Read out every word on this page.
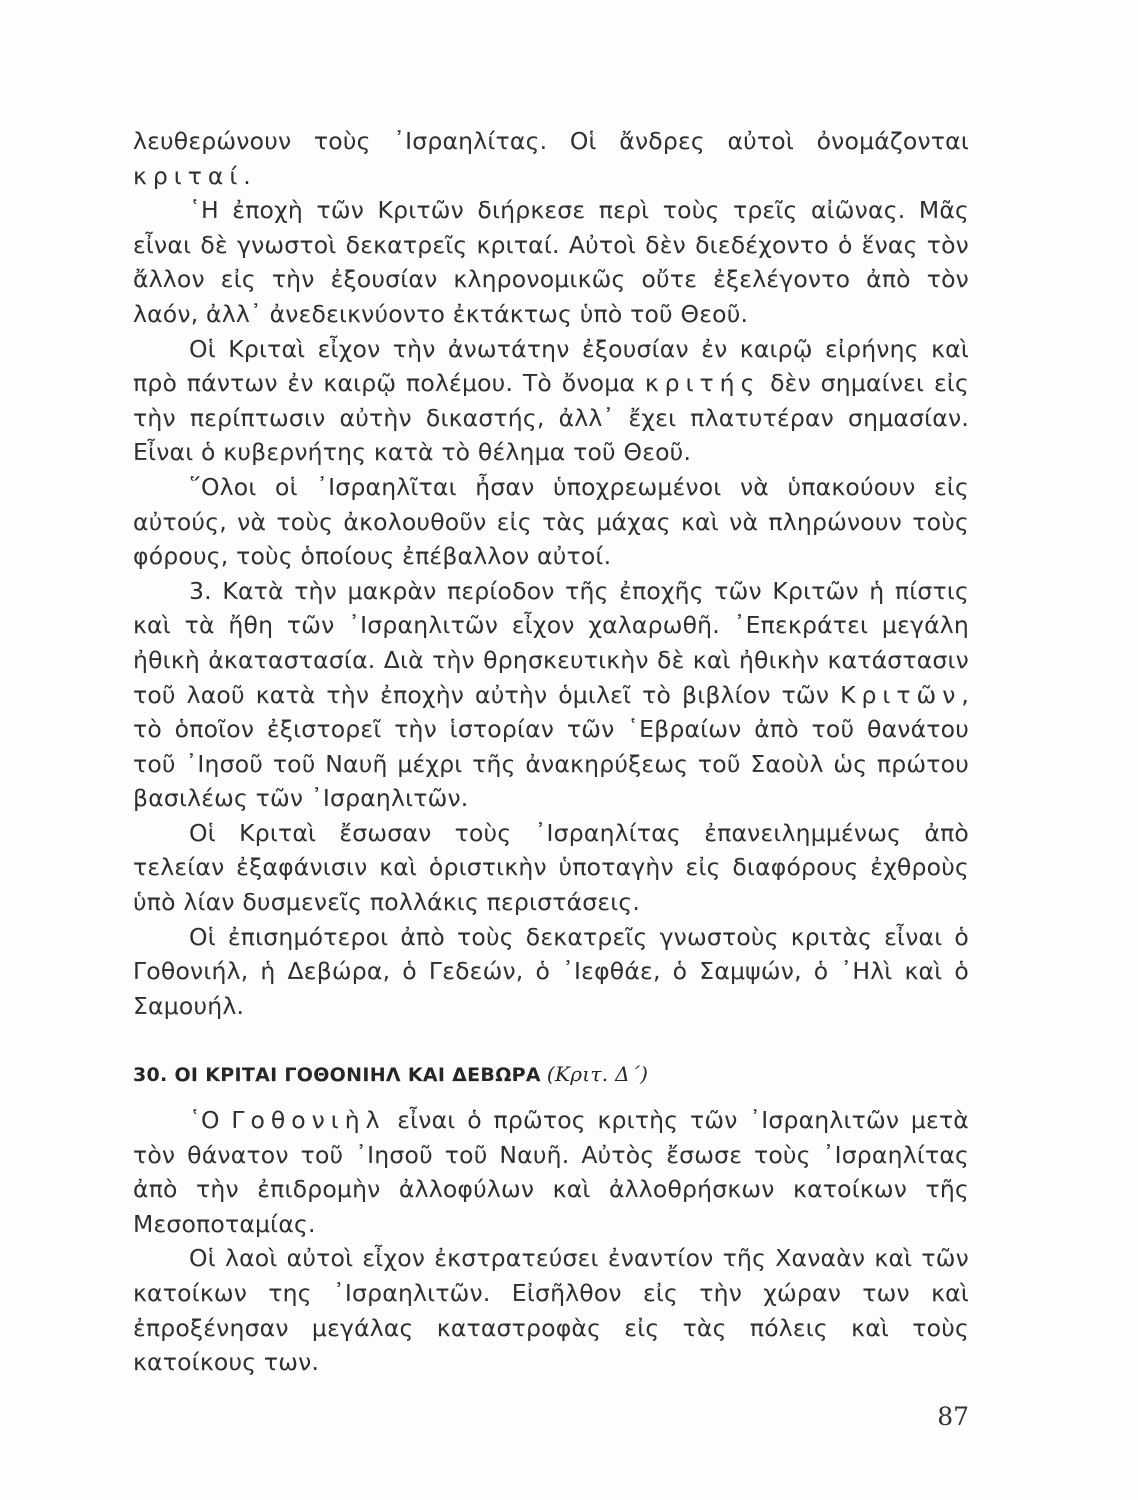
λευθερώνουν τοὺς ᾿Ισραηλίτας. Οἱ ἄνδρες αὐτοὶ ὀνομάζονται κριταί.

῾Η ἐποχὴ τῶν Κριτῶν διήρκεσε περὶ τοὺς τρεῖς αἰῶνας. Μᾶς εἶναι δὲ γνωστοὶ δεκατρεῖς κριταί. Αὐτοὶ δὲν διεδέχοντο ὁ ἕνας τὸν ἄλλον εἰς τὴν ἐξουσίαν κληρονομικῶς οὔτε ἐξελέγοντο ἀπὸ τὸν λαόν, ἀλλ᾿ ἀνεδεικνύοντο ἐκτάκτως ὑπὸ τοῦ Θεοῦ.

Οἱ Κριταὶ εἶχον τὴν ἀνωτάτην ἐξουσίαν ἐν καιρῷ εἰρήνης καὶ πρὸ πάντων ἐν καιρῷ πολέμου. Τὸ ὄνομα κριτής δὲν σημαίνει εἰς τὴν περίπτωσιν αὐτὴν δικαστής, ἀλλ᾿ ἔχει πλατυτέραν σημασίαν. Εἶναι ὁ κυβερνήτης κατὰ τὸ θέλημα τοῦ Θεοῦ.

῞Ολοι οἱ ᾿Ισραηλῖται ἦσαν ὑποχρεωμένοι νὰ ὑπακούουν εἰς αὐτούς, νὰ τοὺς ἀκολουθοῦν εἰς τὰς μάχας καὶ νὰ πληρώνουν τοὺς φόρους, τοὺς ὁποίους ἐπέβαλλον αὐτοί.

3. Κατὰ τὴν μακρὰν περίοδον τῆς ἐποχῆς τῶν Κριτῶν ἡ πίστις καὶ τὰ ἤθη τῶν ᾿Ισραηλιτῶν εἶχον χαλαρωθῆ. ᾿Επεκράτει μεγάλη ἠθικὴ ἀκαταστασία. Διὰ τὴν θρησκευτικὴν δὲ καὶ ἠθικὴν κατάστασιν τοῦ λαοῦ κατὰ τὴν ἐποχὴν αὐτὴν ὁμιλεῖ τὸ βιβλίον τῶν Κριτῶν, τὸ ὁποῖον ἐξιστορεῖ τὴν ἱστορίαν τῶν ῾Εβραίων ἀπὸ τοῦ θανάτου τοῦ ᾿Ιησοῦ τοῦ Ναυῆ μέχρι τῆς ἀνακηρύξεως τοῦ Σαοὺλ ὡς πρώτου βασιλέως τῶν ᾿Ισραηλιτῶν.

Οἱ Κριταὶ ἔσωσαν τοὺς ᾿Ισραηλίτας ἐπανειλημμένως ἀπὸ τελείαν ἐξαφάνισιν καὶ ὁριστικὴν ὑποταγὴν εἰς διαφόρους ἐχθροὺς ὑπὸ λίαν δυσμενεῖς πολλάκις περιστάσεις.

Οἱ ἐπισημότεροι ἀπὸ τοὺς δεκατρεῖς γνωστοὺς κριτὰς εἶναι ὁ Γοθονιήλ, ἡ Δεβώρα, ὁ Γεδεών, ὁ ᾿Ιεφθάε, ὁ Σαμψών, ὁ ᾿Ηλὶ καὶ ὁ Σαμουήλ.

30. ΟΙ ΚΡΙΤΑΙ ΓΟΘΟΝΙΗΛ ΚΑΙ ΔΕΒΩΡΑ (Κριτ. Δ΄)

῾Ο Γοθονιὴλ εἶναι ὁ πρῶτος κριτὴς τῶν ᾿Ισραηλιτῶν μετὰ τὸν θάνατον τοῦ ᾿Ιησοῦ τοῦ Ναυῆ. Αὐτὸς ἔσωσε τοὺς ᾿Ισραηλίτας ἀπὸ τὴν ἐπιδρομὴν ἀλλοφύλων καὶ ἀλλοθρήσκων κατοίκων τῆς Μεσοποταμίας.

Οἱ λαοὶ αὐτοὶ εἶχον ἐκστρατεύσει ἐναντίον τῆς Χαναὰν καὶ τῶν κατοίκων της ᾿Ισραηλιτῶν. Εἰσῆλθον εἰς τὴν χώραν των καὶ ἐπροξένησαν μεγάλας καταστροφὰς εἰς τὰς πόλεις καὶ τοὺς κατοίκους των.

87
